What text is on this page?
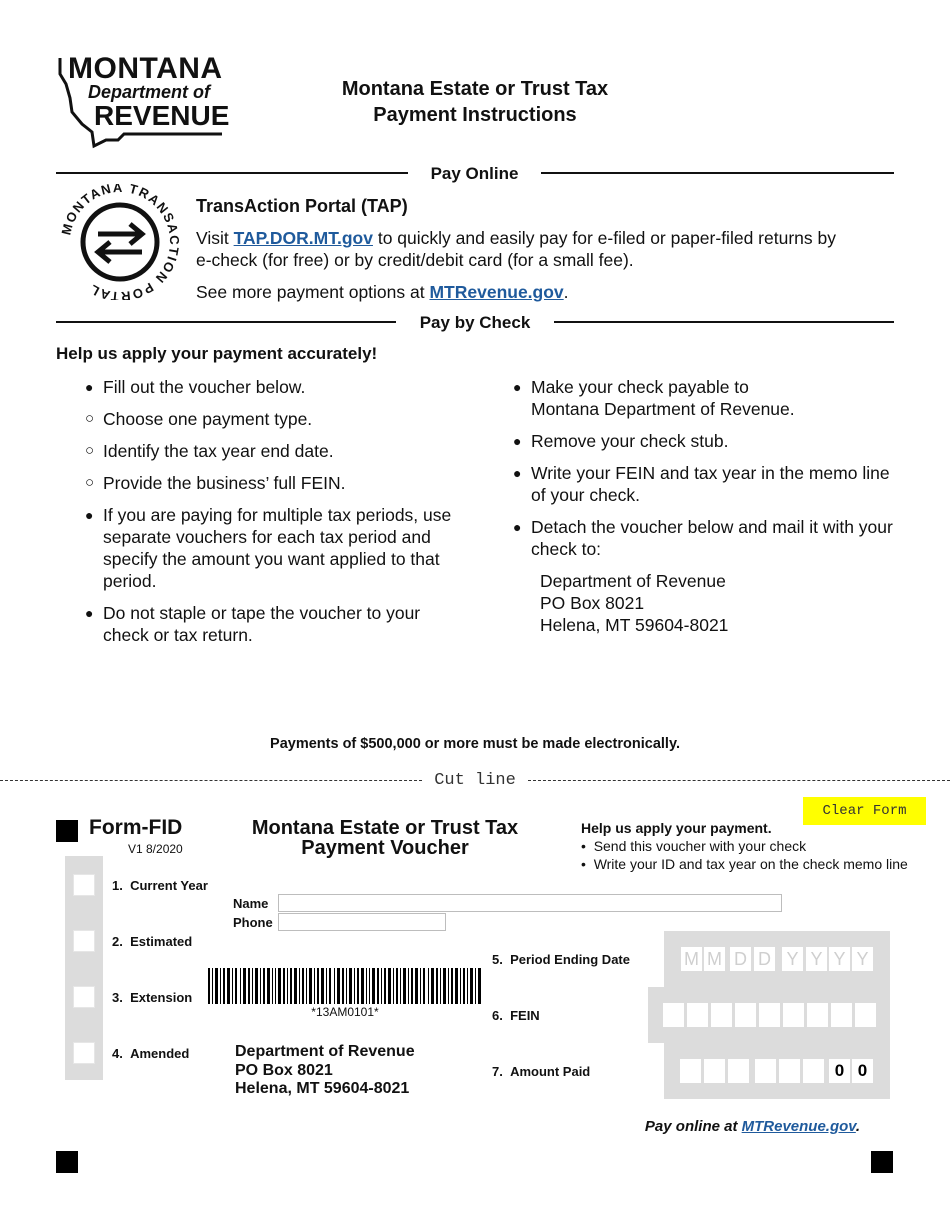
MONTANA
Department of
REVENUE
Montana Estate or Trust Tax
Payment Instructions
Pay Online
MONTANA TRANSA ION PORTAL
TransAction Portal (TAP)
Visit TAP.DOR.MT.gov to quickly and easily pay for e-filed or paper-filed returns by e-check (for free) or by credit/debit card (for a small fee).
See more payment options at MTRevenue.gov.
Pay by Check
Help us apply your payment accurately!
● Fill out the voucher below.
○ Choose one payment type.
○ Identify the tax year end date.
○ Provide the business’ full FEIN.
● If you are paying for multiple tax periods, use separate vouchers for each tax period and specify the amount you want applied to that period.
● Do not staple or tape the voucher to your check or tax return.
● Make your check payable to
Montana Department of Revenue.
● Remove your check stub.
● Write your FEIN and tax year in the memo line of your check.
● Detach the voucher below and mail it with your check to:
Department of Revenue
PO Box 8021
Helena, MT 59604-8021
Payments of $500,000 or more must be made electronically.
Cut line
Clear Form
Form-FID
V1 8/2020
Montana Estate or Trust Tax
Payment Voucher
Help us apply your payment.
•  Send this voucher with your check
•  Write your ID and tax year on the check memo line
1. Current Year
2. Estimated
3. Extension
4. Amended
Name
Phone
*13AM0101*
Department of Revenue
PO Box 8021
Helena, MT 59604-8021
5. Period Ending Date
6. FEIN
7. Amount Paid
M M D D Y Y Y Y
0 0
Pay online at MTRevenue.gov.
